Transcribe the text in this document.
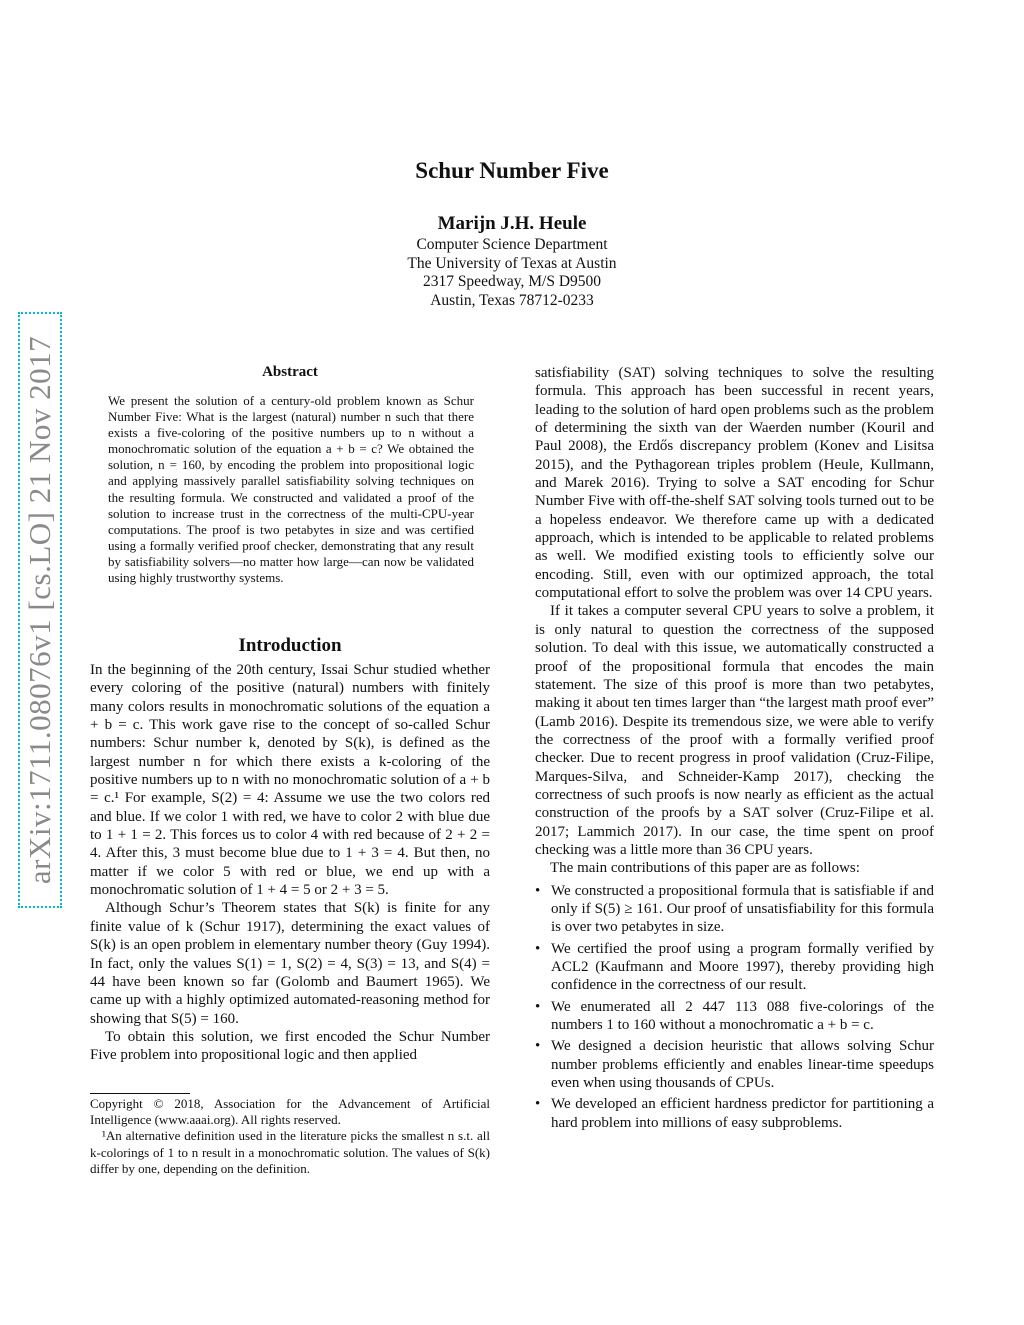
arXiv:1711.08076v1 [cs.LO] 21 Nov 2017
Schur Number Five
Marijn J.H. Heule
Computer Science Department
The University of Texas at Austin
2317 Speedway, M/S D9500
Austin, Texas 78712-0233
Abstract
We present the solution of a century-old problem known as Schur Number Five: What is the largest (natural) number n such that there exists a five-coloring of the positive numbers up to n without a monochromatic solution of the equation a + b = c? We obtained the solution, n = 160, by encoding the problem into propositional logic and applying massively parallel satisfiability solving techniques on the resulting formula. We constructed and validated a proof of the solution to increase trust in the correctness of the multi-CPU-year computations. The proof is two petabytes in size and was certified using a formally verified proof checker, demonstrating that any result by satisfiability solvers—no matter how large—can now be validated using highly trustworthy systems.
Introduction

In the beginning of the 20th century, Issai Schur studied whether every coloring of the positive (natural) numbers with finitely many colors results in monochromatic solutions of the equation a + b = c. This work gave rise to the concept of so-called Schur numbers: Schur number k, denoted by S(k), is defined as the largest number n for which there exists a k-coloring of the positive numbers up to n with no monochromatic solution of a + b = c.¹ For example, S(2) = 4: Assume we use the two colors red and blue. If we color 1 with red, we have to color 2 with blue due to 1 + 1 = 2. This forces us to color 4 with red because of 2 + 2 = 4. After this, 3 must become blue due to 1 + 3 = 4. But then, no matter if we color 5 with red or blue, we end up with a monochromatic solution of 1 + 4 = 5 or 2 + 3 = 5.

Although Schur’s Theorem states that S(k) is finite for any finite value of k (Schur 1917), determining the exact values of S(k) is an open problem in elementary number theory (Guy 1994). In fact, only the values S(1) = 1, S(2) = 4, S(3) = 13, and S(4) = 44 have been known so far (Golomb and Baumert 1965). We came up with a highly optimized automated-reasoning method for showing that S(5) = 160.

To obtain this solution, we first encoded the Schur Number Five problem into propositional logic and then applied

Copyright © 2018, Association for the Advancement of Artificial Intelligence (www.aaai.org). All rights reserved.

¹An alternative definition used in the literature picks the smallest n s.t. all k-colorings of 1 to n result in a monochromatic solution. The values of S(k) differ by one, depending on the definition.

satisfiability (SAT) solving techniques to solve the resulting formula. This approach has been successful in recent years, leading to the solution of hard open problems such as the problem of determining the sixth van der Waerden number (Kouril and Paul 2008), the Erdős discrepancy problem (Konev and Lisitsa 2015), and the Pythagorean triples problem (Heule, Kullmann, and Marek 2016). Trying to solve a SAT encoding for Schur Number Five with off-the-shelf SAT solving tools turned out to be a hopeless endeavor. We therefore came up with a dedicated approach, which is intended to be applicable to related problems as well. We modified existing tools to efficiently solve our encoding. Still, even with our optimized approach, the total computational effort to solve the problem was over 14 CPU years.

If it takes a computer several CPU years to solve a problem, it is only natural to question the correctness of the supposed solution. To deal with this issue, we automatically constructed a proof of the propositional formula that encodes the main statement. The size of this proof is more than two petabytes, making it about ten times larger than “the largest math proof ever” (Lamb 2016). Despite its tremendous size, we were able to verify the correctness of the proof with a formally verified proof checker. Due to recent progress in proof validation (Cruz-Filipe, Marques-Silva, and Schneider-Kamp 2017), checking the correctness of such proofs is now nearly as efficient as the actual construction of the proofs by a SAT solver (Cruz-Filipe et al. 2017; Lammich 2017). In our case, the time spent on proof checking was a little more than 36 CPU years.

The main contributions of this paper are as follows:

• We constructed a propositional formula that is satisfiable if and only if S(5) ≥ 161. Our proof of unsatisfiability for this formula is over two petabytes in size.
• We certified the proof using a program formally verified by ACL2 (Kaufmann and Moore 1997), thereby providing high confidence in the correctness of our result.
• We enumerated all 2 447 113 088 five-colorings of the numbers 1 to 160 without a monochromatic a + b = c.
• We designed a decision heuristic that allows solving Schur number problems efficiently and enables linear-time speedups even when using thousands of CPUs.
• We developed an efficient hardness predictor for partitioning a hard problem into millions of easy subproblems.
